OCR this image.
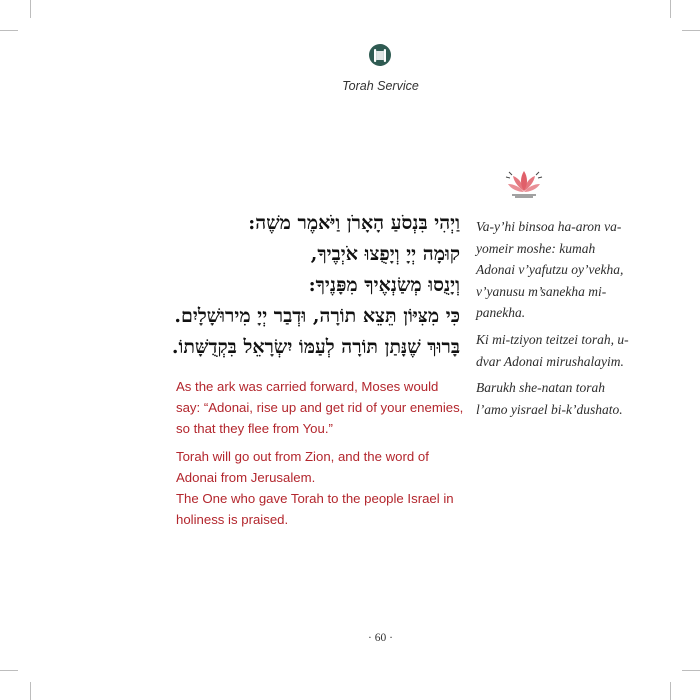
Torah Service
וַיְהִי בִּנְסֹעַ הָאָרֹן וַיֹּאמֶר משֶׁה:
קוּמָה יְיָ וְיָפֻצוּ אֹיְבֶיךָ,
וְיָנֻסוּ מְשַׂנְאֶיךָ מִפָּנֶיךָ:
כִּי מִצִּיּוֹן תֵּצֵא תוֹרָה, וּדְבַר יְיָ מִירוּשָׁלָיִם.
בָּרוּךְ שֶׁנָּתַן תּוֹרָה לְעַמּוֹ יִשְׂרָאֵל בִּקְדֻשָּׁתוֹ.

As the ark was carried forward, Moses would say: “Adonai, rise up and get rid of your enemies, so that they flee from You.”

Torah will go out from Zion, and the word of Adonai from Jerusalem.

The One who gave Torah to the people Israel in holiness is praised.

Va-y’hi binsoa ha-aron va-yomeir moshe: kumah Adonai v’yafutzu oy’vekha, v’yanusu m’sanekha mi-panekha.

Ki mi-tziyon teitzei torah, u-dvar Adonai mirushalayim.

Barukh she-natan torah l’amo yisrael bi-k’dushato.

· 60 ·
